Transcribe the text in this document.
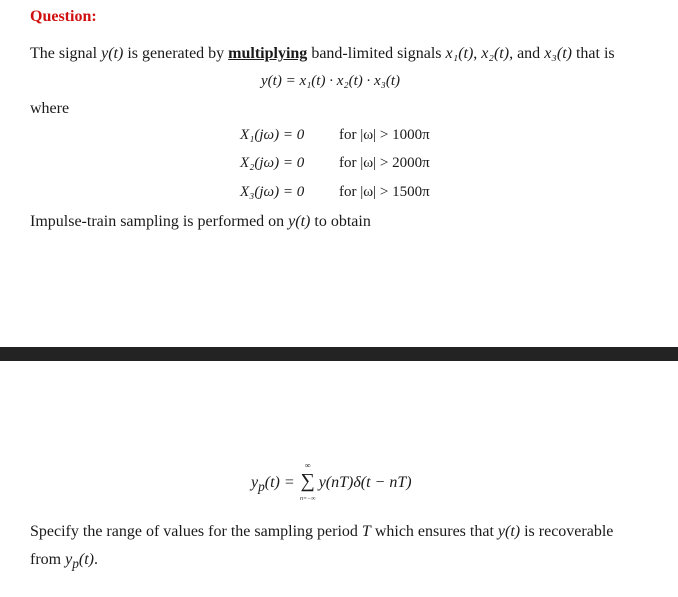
Question:
The signal y(t) is generated by multiplying band-limited signals x₁(t), x₂(t), and x₃(t) that is
y(t) = x₁(t) · x₂(t) · x₃(t)
where
X₁(jω) = 0 for |ω| > 1000π
X₂(jω) = 0 for |ω| > 2000π
X₃(jω) = 0 for |ω| > 1500π
Impulse-train sampling is performed on y(t) to obtain
$y_p(t)$ =
∞
∑
n=−∞
y(nT)δ(t − nT)
Specify the range of values for the sampling period T which ensures that y(t) is recoverable
from $y_p(t)$.
